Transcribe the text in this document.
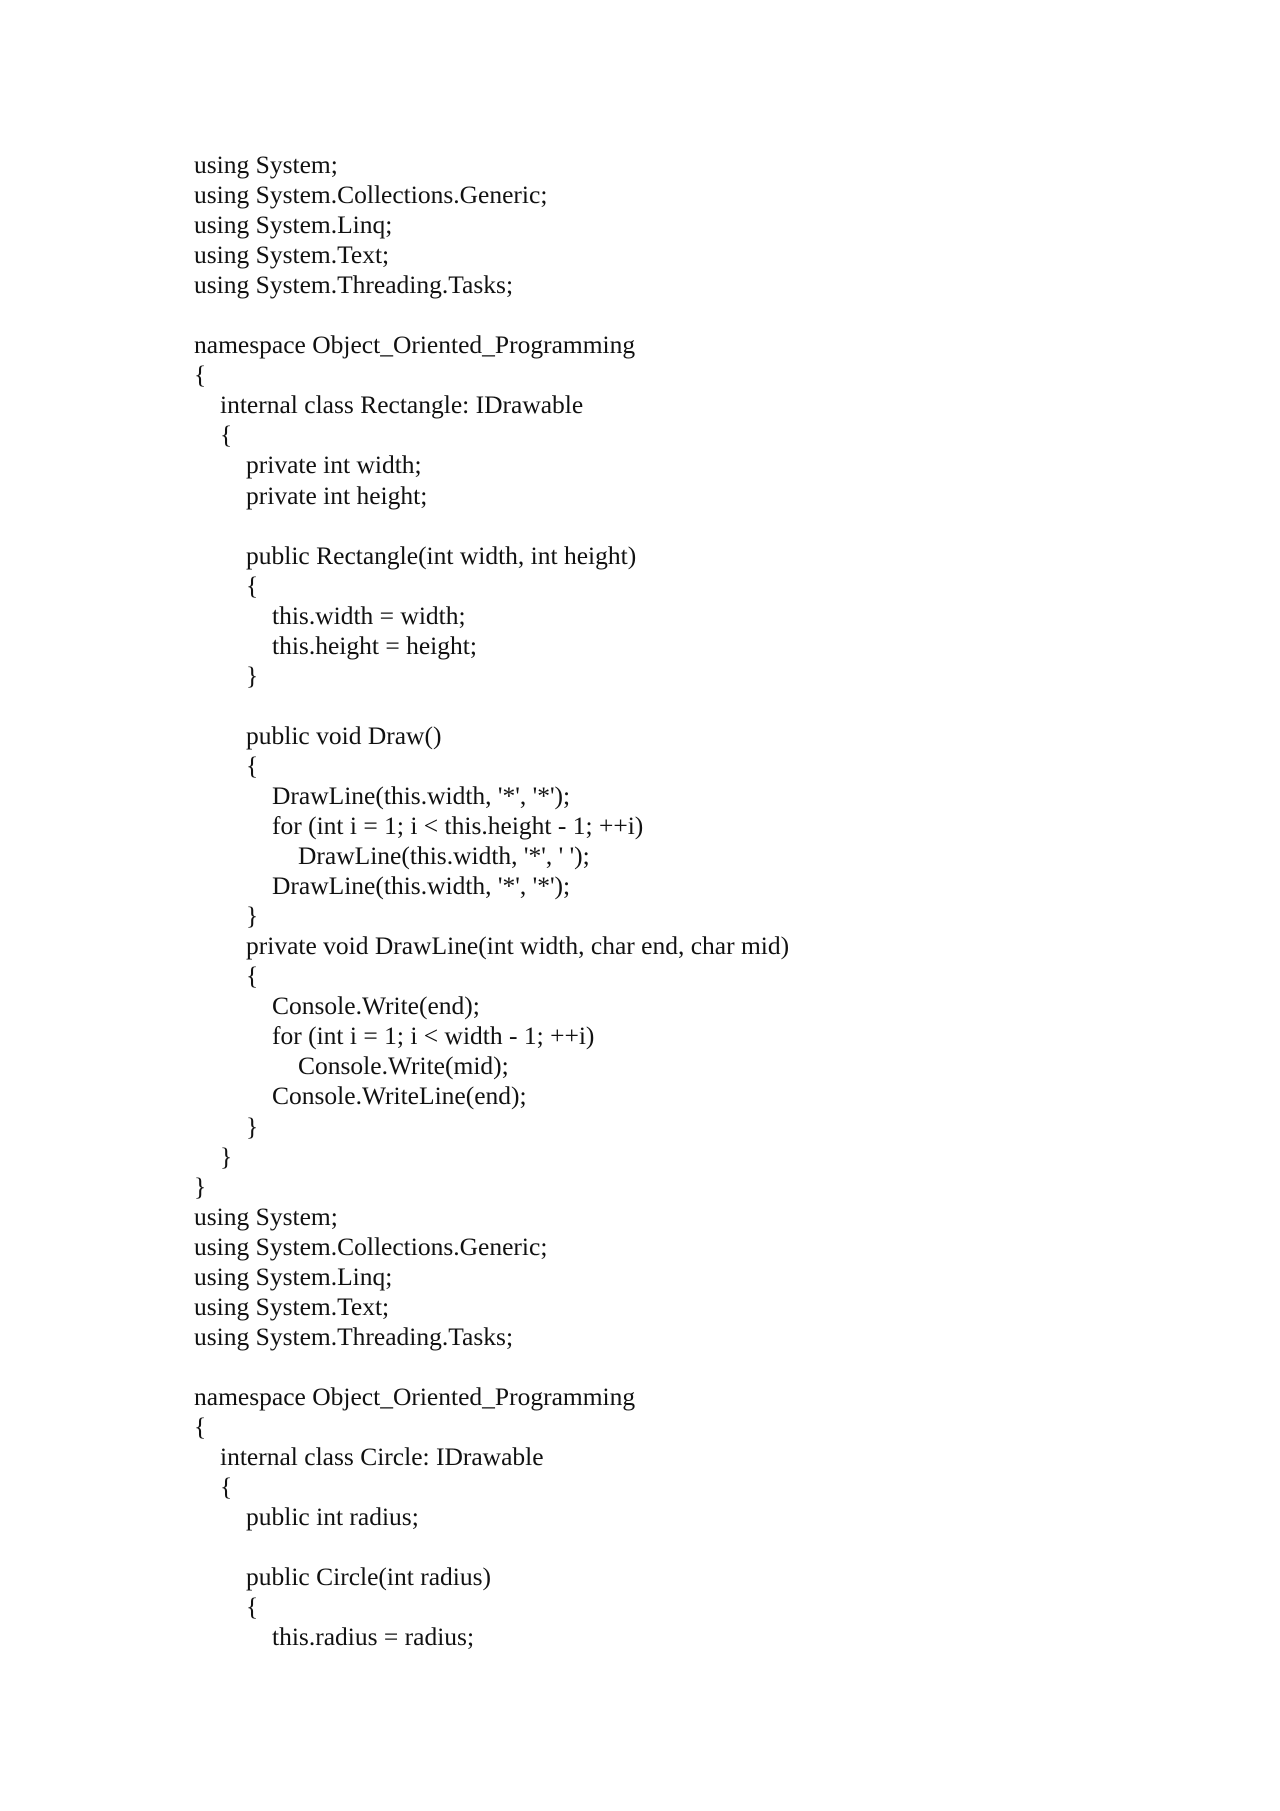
using System;
using System.Collections.Generic;
using System.Linq;
using System.Text;
using System.Threading.Tasks;
namespace Object_Oriented_Programming
{
internal class Rectangle: IDrawable
{
private int width;
private int height;
public Rectangle(int width, int height)
{
this.width = width;
this.height = height;
}
public void Draw()
{
DrawLine(this.width, '*', '*');
for (int i = 1; i < this.height - 1; ++i)
DrawLine(this.width, '*', ' ');
DrawLine(this.width, '*', '*');
}
private void DrawLine(int width, char end, char mid)
{
Console.Write(end);
for (int i = 1; i < width - 1; ++i)
Console.Write(mid);
Console.WriteLine(end);
}
}
}
using System;
using System.Collections.Generic;
using System.Linq;
using System.Text;
using System.Threading.Tasks;
namespace Object_Oriented_Programming
{
internal class Circle: IDrawable
{
public int radius;
public Circle(int radius)
{
this.radius = radius;
